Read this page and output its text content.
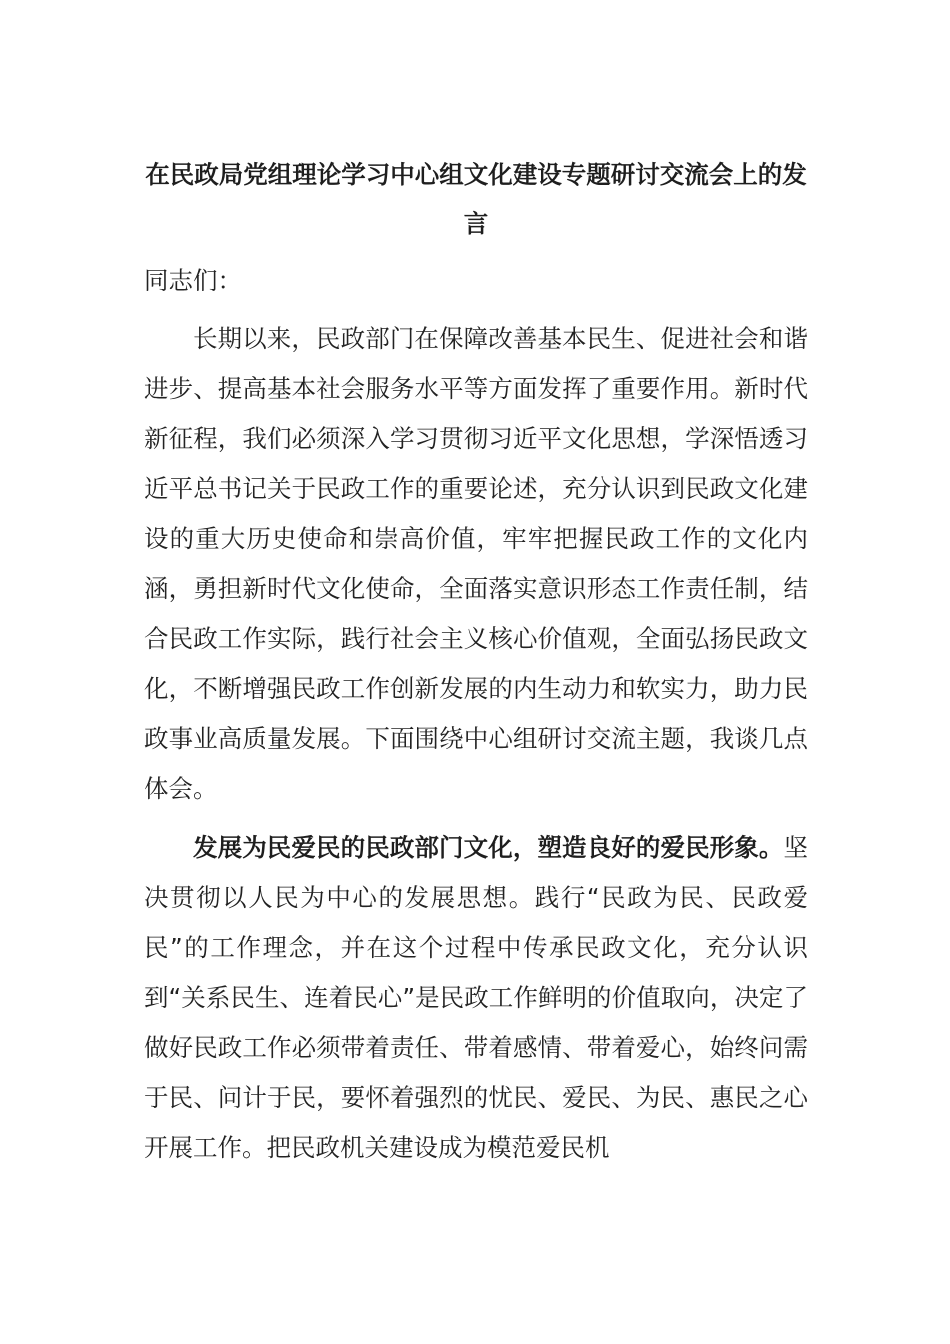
在民政局党组理论学习中心组文化建设专题研讨交流会上的发言

同志们：

长期以来，民政部门在保障改善基本民生、促进社会和谐进步、提高基本社会服务水平等方面发挥了重要作用。新时代新征程，我们必须深入学习贯彻习近平文化思想，学深悟透习近平总书记关于民政工作的重要论述，充分认识到民政文化建设的重大历史使命和崇高价值，牢牢把握民政工作的文化内涵，勇担新时代文化使命，全面落实意识形态工作责任制，结合民政工作实际，践行社会主义核心价值观，全面弘扬民政文化，不断增强民政工作创新发展的内生动力和软实力，助力民政事业高质量发展。下面围绕中心组研讨交流主题，我谈几点体会。

发展为民爱民的民政部门文化，塑造良好的爱民形象。坚决贯彻以人民为中心的发展思想。践行“民政为民、民政爱民”的工作理念，并在这个过程中传承民政文化，充分认识到“关系民生、连着民心”是民政工作鲜明的价值取向，决定了做好民政工作必须带着责任、带着感情、带着爱心，始终问需于民、问计于民，要怀着强烈的忧民、爱民、为民、惠民之心开展工作。把民政机关建设成为模范爱民机
